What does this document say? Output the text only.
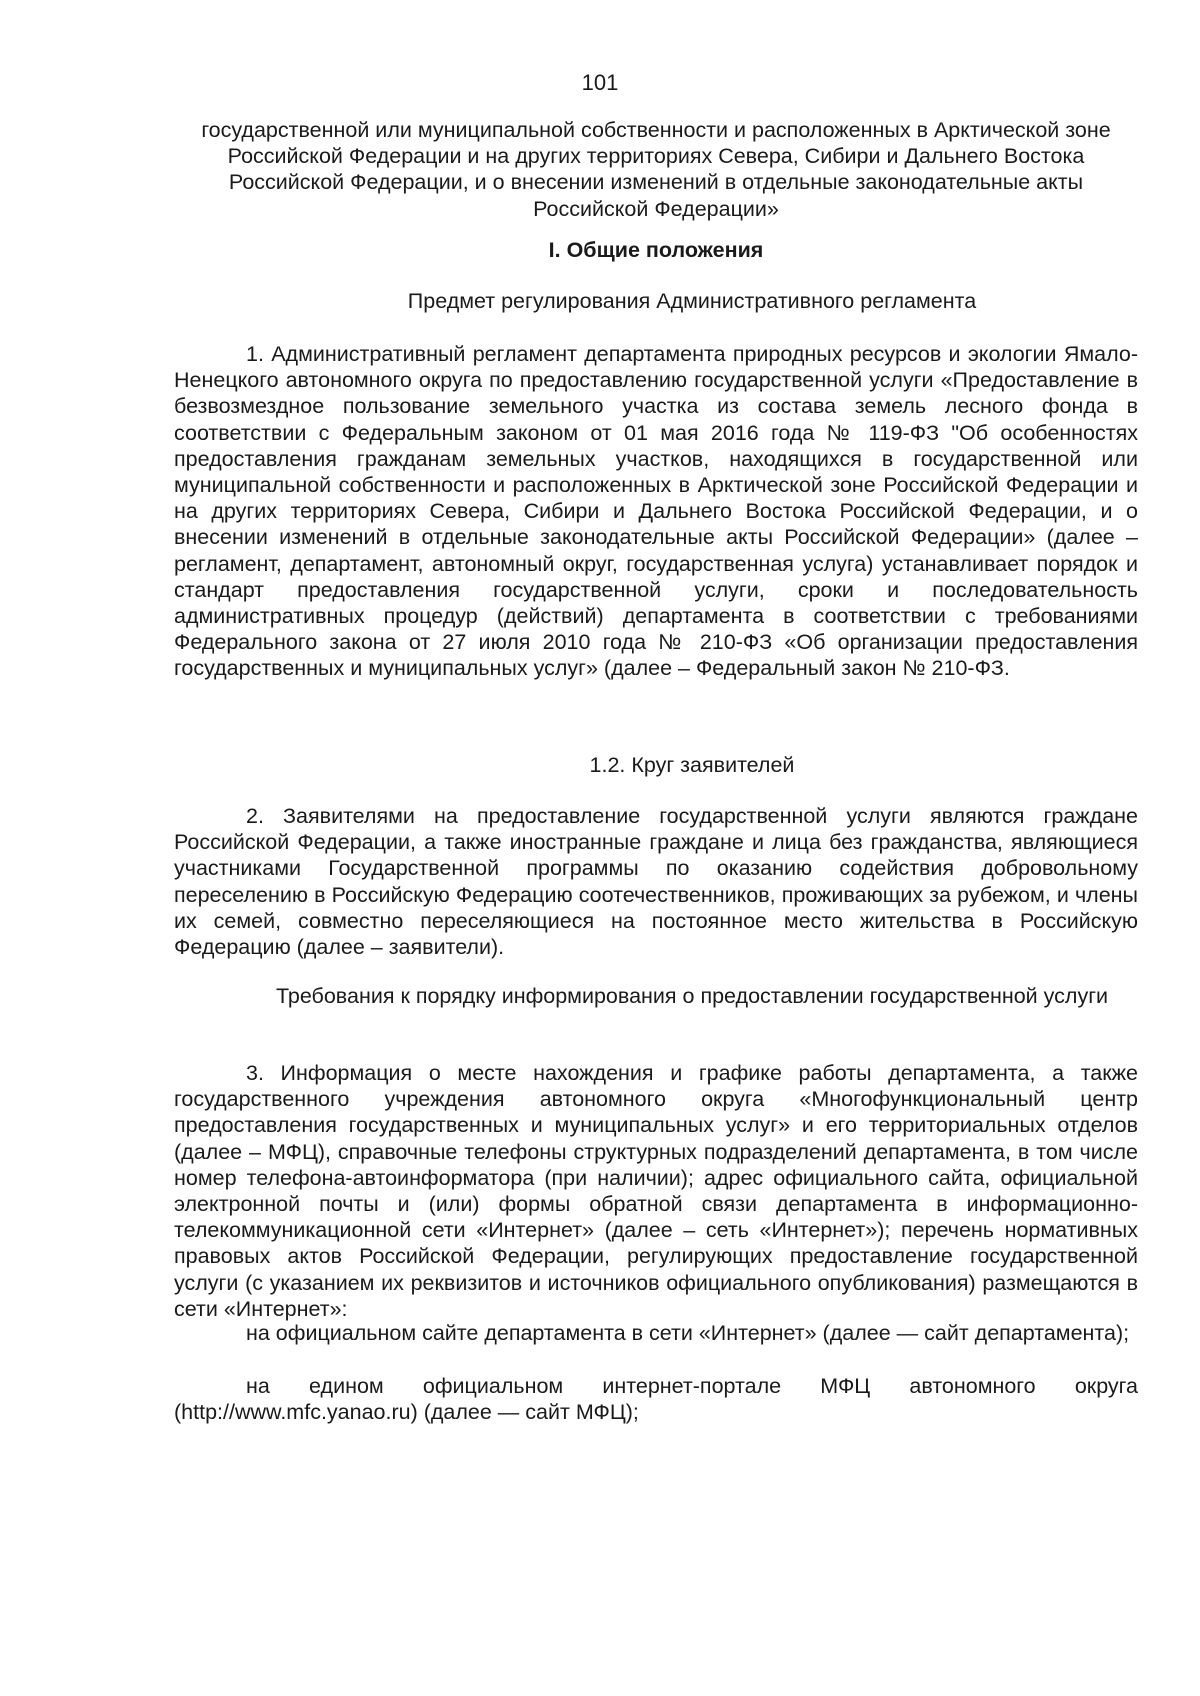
101
государственной или муниципальной собственности и расположенных в Арктической зоне Российской Федерации и на других территориях Севера, Сибири и Дальнего Востока Российской Федерации, и о внесении изменений в отдельные законодательные акты Российской Федерации»
I. Общие положения
Предмет регулирования Административного регламента

1. Административный регламент департамента природных ресурсов и экологии Ямало-Ненецкого автономного округа по предоставлению государственной услуги «Предоставление в безвозмездное пользование земельного участка из состава земель лесного фонда в соответствии с Федеральным законом от 01 мая 2016 года № 119-ФЗ "Об особенностях предоставления гражданам земельных участков, находящихся в государственной или муниципальной собственности и расположенных в Арктической зоне Российской Федерации и на других территориях Севера, Сибири и Дальнего Востока Российской Федерации, и о внесении изменений в отдельные законодательные акты Российской Федерации» (далее – регламент, департамент, автономный округ, государственная услуга) устанавливает порядок и стандарт предоставления государственной услуги, сроки и последовательность административных процедур (действий) департамента в соответствии с требованиями Федерального закона от 27 июля 2010 года № 210-ФЗ «Об организации предоставления государственных и муниципальных услуг» (далее – Федеральный закон № 210-ФЗ.

1.2. Круг заявителей

2. Заявителями на предоставление государственной услуги являются граждане Российской Федерации, а также иностранные граждане и лица без гражданства, являющиеся участниками Государственной программы по оказанию содействия добровольному переселению в Российскую Федерацию соотечественников, проживающих за рубежом, и члены их семей, совместно переселяющиеся на постоянное место жительства в Российскую Федерацию (далее – заявители).

Требования к порядку информирования о предоставлении государственной услуги

3. Информация о месте нахождения и графике работы департамента, а также государственного учреждения автономного округа «Многофункциональный центр предоставления государственных и муниципальных услуг» и его территориальных отделов (далее – МФЦ), справочные телефоны структурных подразделений департамента, в том числе номер телефона-автоинформатора (при наличии); адрес официального сайта, официальной электронной почты и (или) формы обратной связи департамента в информационно-телекоммуникационной сети «Интернет» (далее – сеть «Интернет»); перечень нормативных правовых актов Российской Федерации, регулирующих предоставление государственной услуги (с указанием их реквизитов и источников официального опубликования) размещаются в сети «Интернет»:

на официальном сайте департамента в сети «Интернет» (далее — сайт департамента);

на едином официальном интернет-портале МФЦ автономного округа (http://www.mfc.yanao.ru) (далее — сайт МФЦ);
